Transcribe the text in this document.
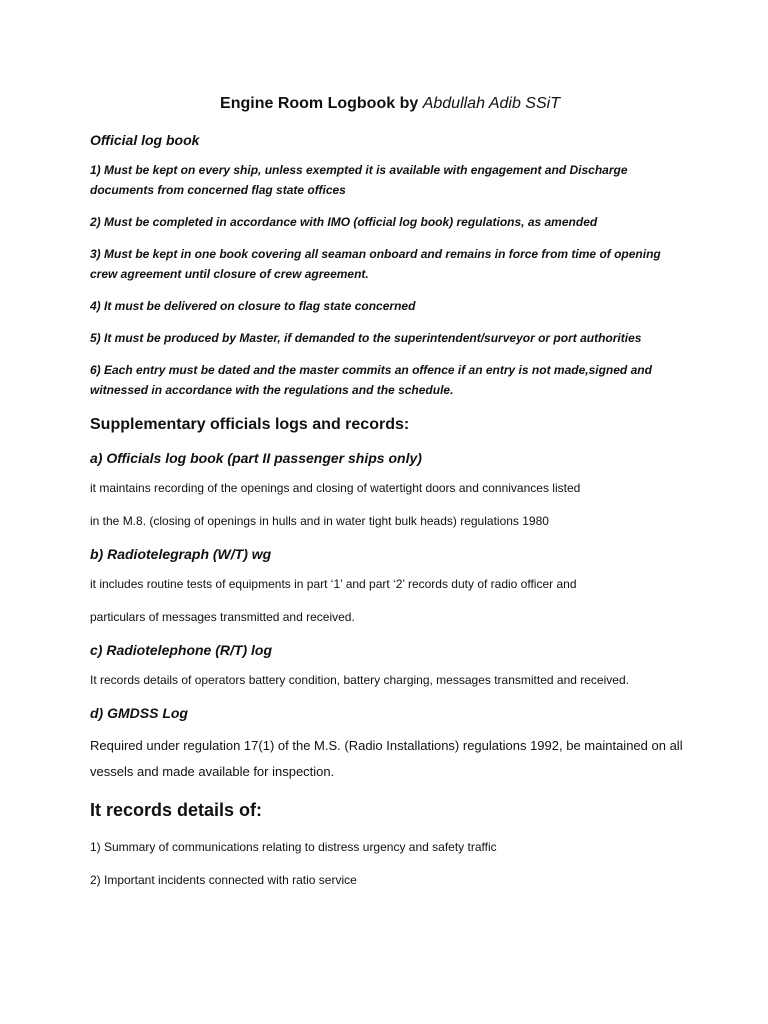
Engine Room Logbook by Abdullah Adib SSiT
Official log book
1) Must be kept on every ship, unless exempted it is available with engagement and Discharge documents from concerned flag state offices
2) Must be completed in accordance with IMO (official log book) regulations, as amended
3) Must be kept in one book covering all seaman onboard and remains in force from time of opening crew agreement until closure of crew agreement.
4) It must be delivered on closure to flag state concerned
5) It must be produced by Master, if demanded to the superintendent/surveyor or port authorities
6) Each entry must be dated and the master commits an offence if an entry is not made,signed and witnessed in accordance with the regulations and the schedule.
Supplementary officials logs and records:
a) Officials log book (part II passenger ships only)
it maintains recording of the openings and closing of watertight doors and connivances listed
in the M.8. (closing of openings in hulls and in water tight bulk heads) regulations 1980
b) Radiotelegraph (W/T) wg
it includes routine tests of equipments in part ‘1’ and part ‘2’ records duty of radio officer and
particulars of messages transmitted and received.
c) Radiotelephone (R/T) log
It records details of operators battery condition, battery charging, messages transmitted and received.
d) GMDSS Log
Required under regulation 17(1) of the M.S. (Radio Installations) regulations 1992, be maintained on all vessels and made available for inspection.
It records details of:
1) Summary of communications relating to distress urgency and safety traffic
2) Important incidents connected with ratio service
